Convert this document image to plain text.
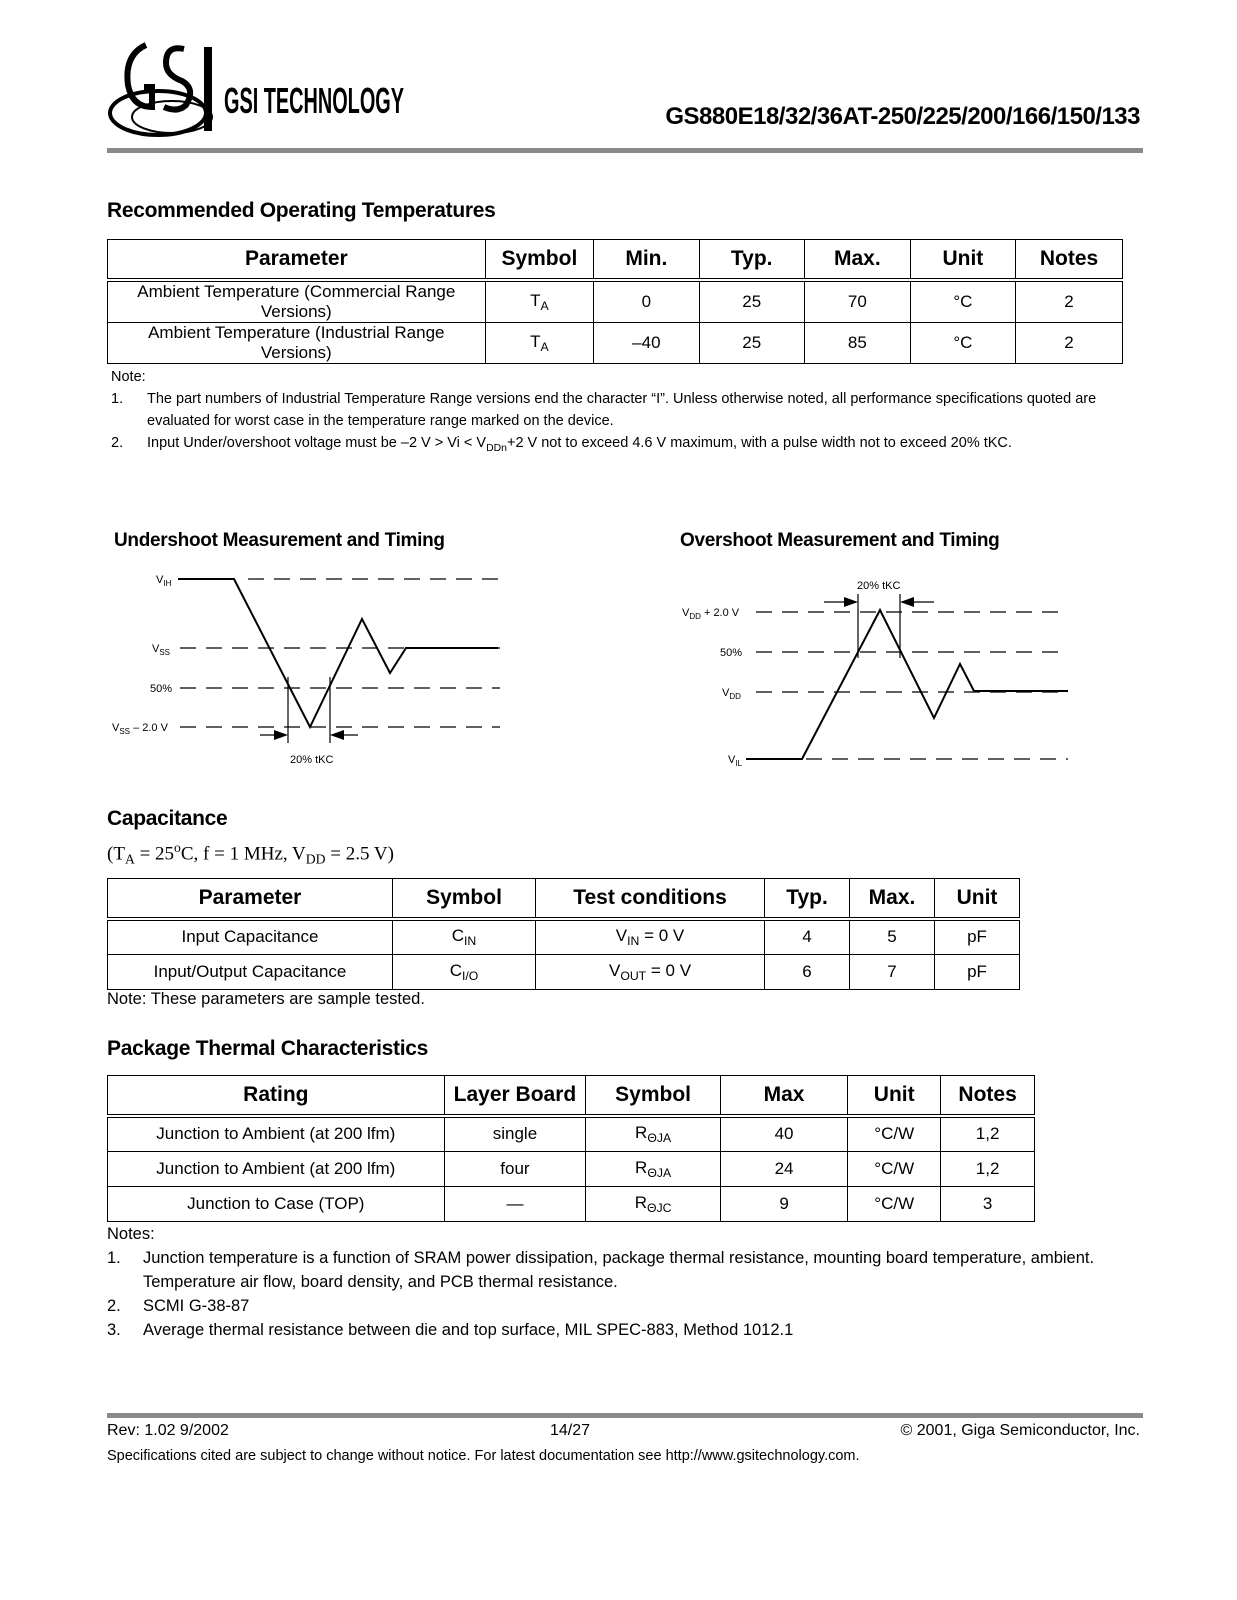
GSI TECHNOLOGY	GS880E18/32/36AT-250/225/200/166/150/133
Recommended Operating Temperatures
Parameter	Symbol	Min.	Typ.	Max.	Unit	Notes
Ambient Temperature (Commercial Range Versions)	$T_A$	0	25	70	°C	2
Ambient Temperature (Industrial Range Versions)	$T_A$	–40	25	85	°C	2
Note:
1.	The part numbers of Industrial Temperature Range versions end the character “I”. Unless otherwise noted, all performance specifications quoted are evaluated for worst case in the temperature range marked on the device.
2.	Input Under/overshoot voltage must be –2 $V > Vi < V_{DDn}+2$ V not to exceed 4.6 V maximum, with a pulse width not to exceed 20% tKC.
Undershoot Measurement and Timing
$V_{IH}$
$V_{SS}$
50%
$V_{SS} - 2.0$ V
20% tKC
Overshoot Measurement and Timing
20% tKC
$V_{DD} + 2.0$ V
50%
$V_{DD}$
$V_{IL}$
Capacitance
($T_A = 25^oC$, f = 1 MHz, $V_{DD} = 2.5$ V)
Parameter	Symbol	Test conditions	Typ.	Max.	Unit
Input Capacitance	$C_{IN}$	$V_{IN} = 0$ V	4	5	pF
Input/Output Capacitance	$C_{I/O}$	$V_{OUT} = 0$ V	6	7	pF
Note: These parameters are sample tested.
Package Thermal Characteristics
Rating	Layer Board	Symbol	Max	Unit	Notes
Junction to Ambient (at 200 lfm)	single	$R_{\Theta JA}$	40	°C/W	1,2
Junction to Ambient (at 200 lfm)	four	$R_{\Theta JA}$	24	°C/W	1,2
Junction to Case (TOP)	—	$R_{\Theta JC}$	9	°C/W	3
Notes:
1.	Junction temperature is a function of SRAM power dissipation, package thermal resistance, mounting board temperature, ambient. Temperature air flow, board density, and PCB thermal resistance.
2.	SCMI G-38-87
3.	Average thermal resistance between die and top surface, MIL SPEC-883, Method 1012.1
Rev: 1.02 9/2002	14/27	© 2001, Giga Semiconductor, Inc.
Specifications cited are subject to change without notice. For latest documentation see http://www.gsitechnology.com.
